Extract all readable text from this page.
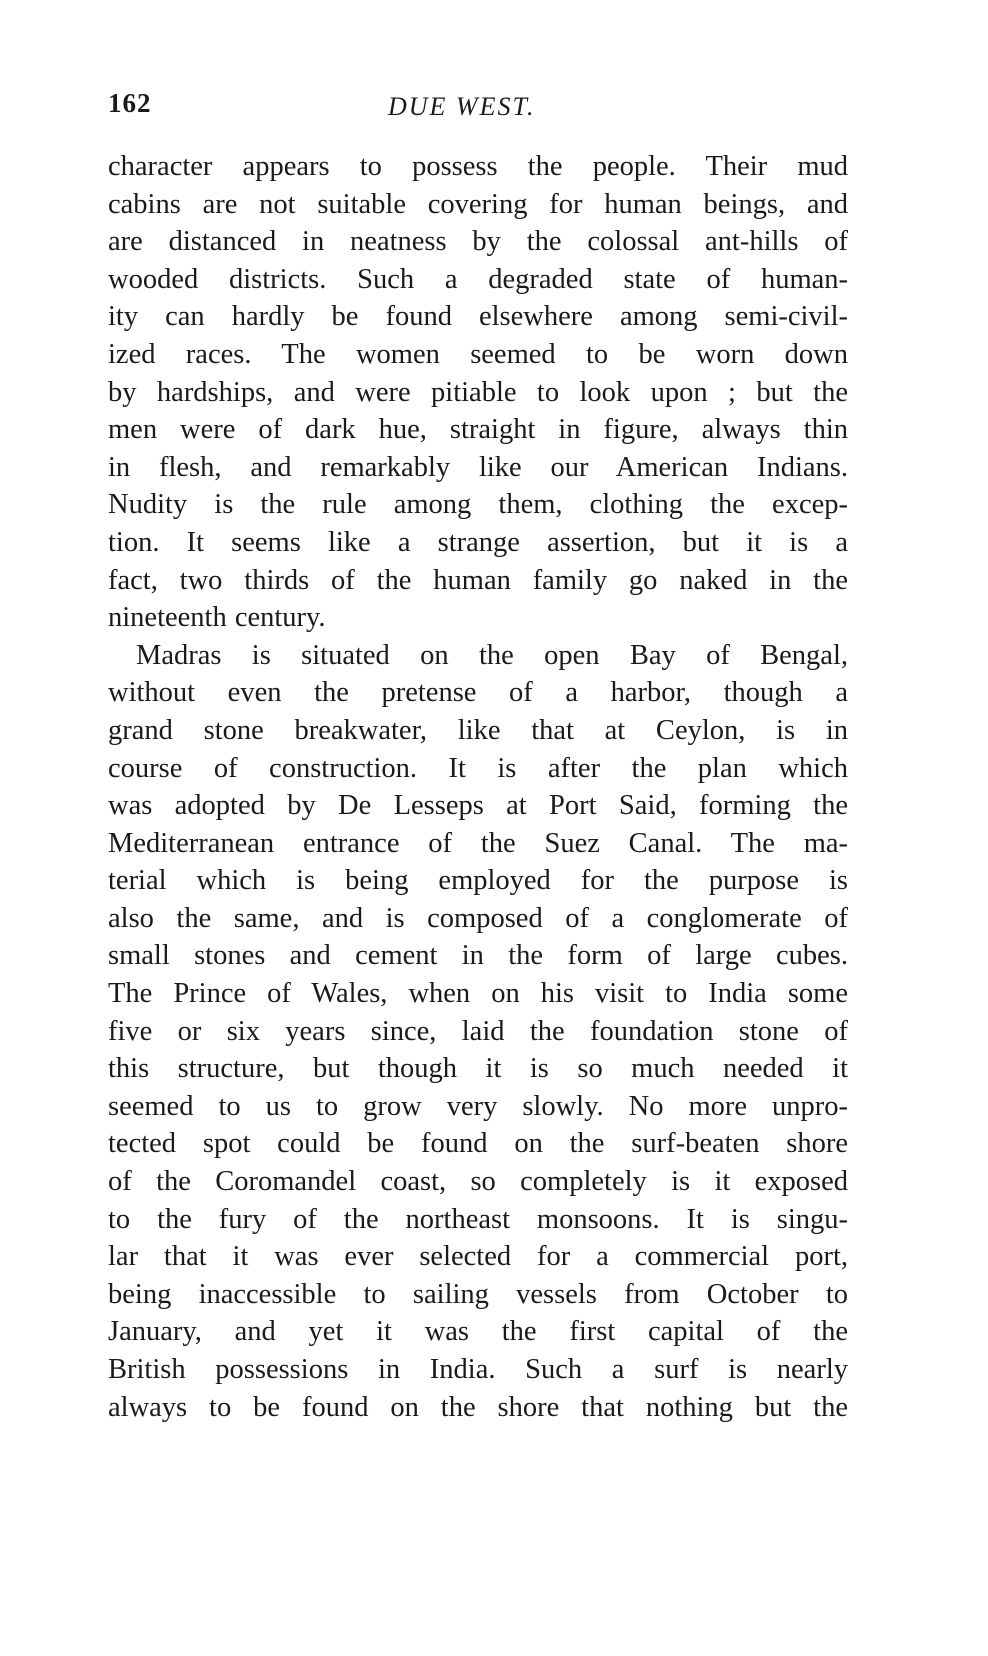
162	DUE WEST.
character appears to possess the people. Their mud
cabins are not suitable covering for human beings, and
are distanced in neatness by the colossal ant-hills of
wooded districts. Such a degraded state of human-
ity can hardly be found elsewhere among semi-civil-
ized races. The women seemed to be worn down
by hardships, and were pitiable to look upon ; but the
men were of dark hue, straight in figure, always thin
in flesh, and remarkably like our American Indians.
Nudity is the rule among them, clothing the excep-
tion. It seems like a strange assertion, but it is a
fact, two thirds of the human family go naked in the
nineteenth century.
Madras is situated on the open Bay of Bengal,
without even the pretense of a harbor, though a
grand stone breakwater, like that at Ceylon, is in
course of construction. It is after the plan which
was adopted by De Lesseps at Port Said, forming the
Mediterranean entrance of the Suez Canal. The ma-
terial which is being employed for the purpose is
also the same, and is composed of a conglomerate of
small stones and cement in the form of large cubes.
The Prince of Wales, when on his visit to India some
five or six years since, laid the foundation stone of
this structure, but though it is so much needed it
seemed to us to grow very slowly. No more unpro-
tected spot could be found on the surf-beaten shore
of the Coromandel coast, so completely is it exposed
to the fury of the northeast monsoons. It is singu-
lar that it was ever selected for a commercial port,
being inaccessible to sailing vessels from October to
January, and yet it was the first capital of the
British possessions in India. Such a surf is nearly
always to be found on the shore that nothing but the
